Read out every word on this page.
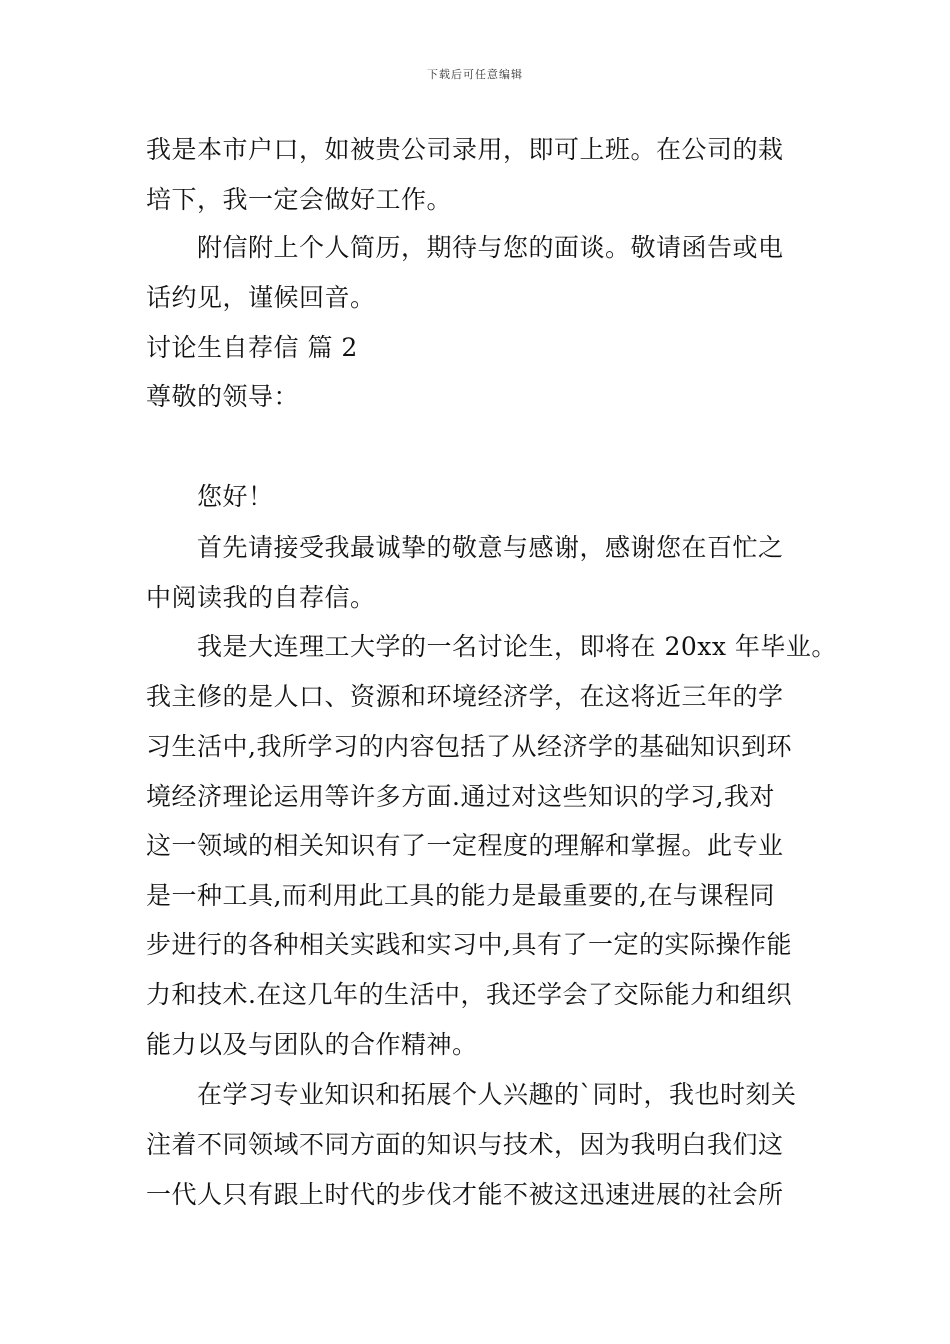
下载后可任意编辑
我是本市户口，如被贵公司录用，即可上班。在公司的栽
培下，我一定会做好工作。
附信附上个人简历，期待与您的面谈。敬请函告或电
话约见，谨候回音。
讨论生自荐信 篇 2
尊敬的领导：
您好！
首先请接受我最诚挚的敬意与感谢，感谢您在百忙之
中阅读我的自荐信。
我是大连理工大学的一名讨论生，即将在 20xx 年毕业。
我主修的是人口、资源和环境经济学，在这将近三年的学
习生活中,我所学习的内容包括了从经济学的基础知识到环
境经济理论运用等许多方面.通过对这些知识的学习,我对
这一领域的相关知识有了一定程度的理解和掌握。此专业
是一种工具,而利用此工具的能力是最重要的,在与课程同
步进行的各种相关实践和实习中,具有了一定的实际操作能
力和技术.在这几年的生活中，我还学会了交际能力和组织
能力以及与团队的合作精神。
在学习专业知识和拓展个人兴趣的`同时，我也时刻关
注着不同领域不同方面的知识与技术，因为我明白我们这
一代人只有跟上时代的步伐才能不被这迅速进展的社会所
